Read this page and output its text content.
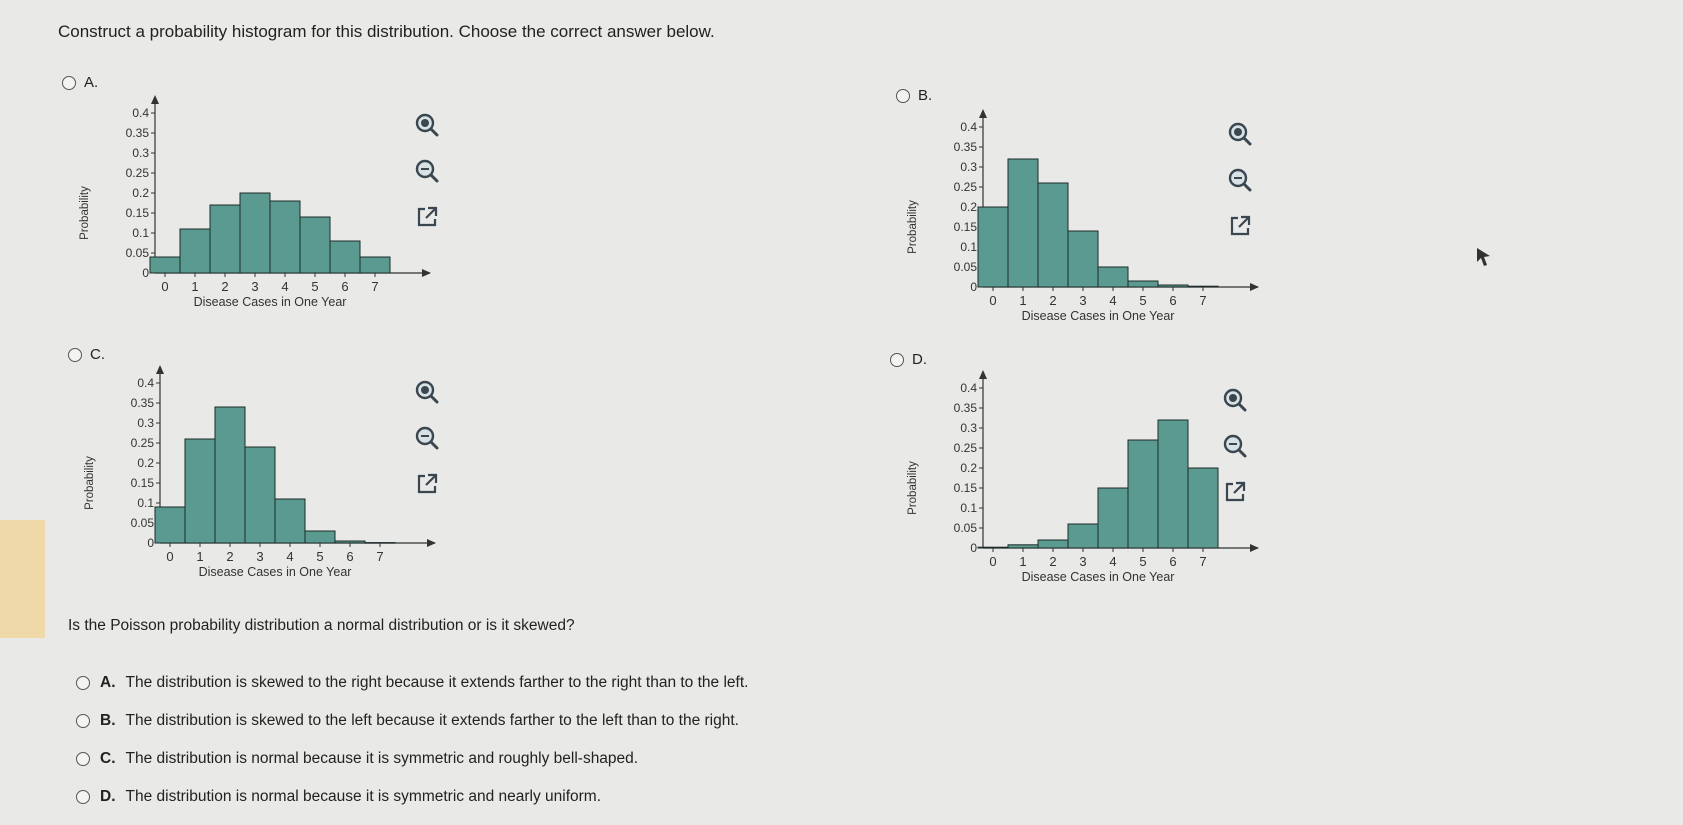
Construct a probability histogram for this distribution. Choose the correct answer below.
A.
0.4
0.35
0.3
0.25
0.2
0.15
0.1
0.05
0
0 1 2 3 4 5 6 7
Disease Cases in One Year
Probability
B.
0.4
0.35
0.3
0.25
0.2
0.15
0.1
0.05
0
0 1 2 3 4 5 6 7
Disease Cases in One Year
Probability
C.
0.4
0.35
0.3
0.25
0.2
0.15
0.1
0.05
0
0 1 2 3 4 5 6 7
Disease Cases in One Year
Probability
D.
0.4
0.35
0.3
0.25
0.2
0.15
0.1
0.05
0
0 1 2 3 4 5 6 7
Disease Cases in One Year
Probability
Is the Poisson probability distribution a normal distribution or is it skewed?
A. The distribution is skewed to the right because it extends farther to the right than to the left.
B. The distribution is skewed to the left because it extends farther to the left than to the right.
C. The distribution is normal because it is symmetric and roughly bell-shaped.
D. The distribution is normal because it is symmetric and nearly uniform.
